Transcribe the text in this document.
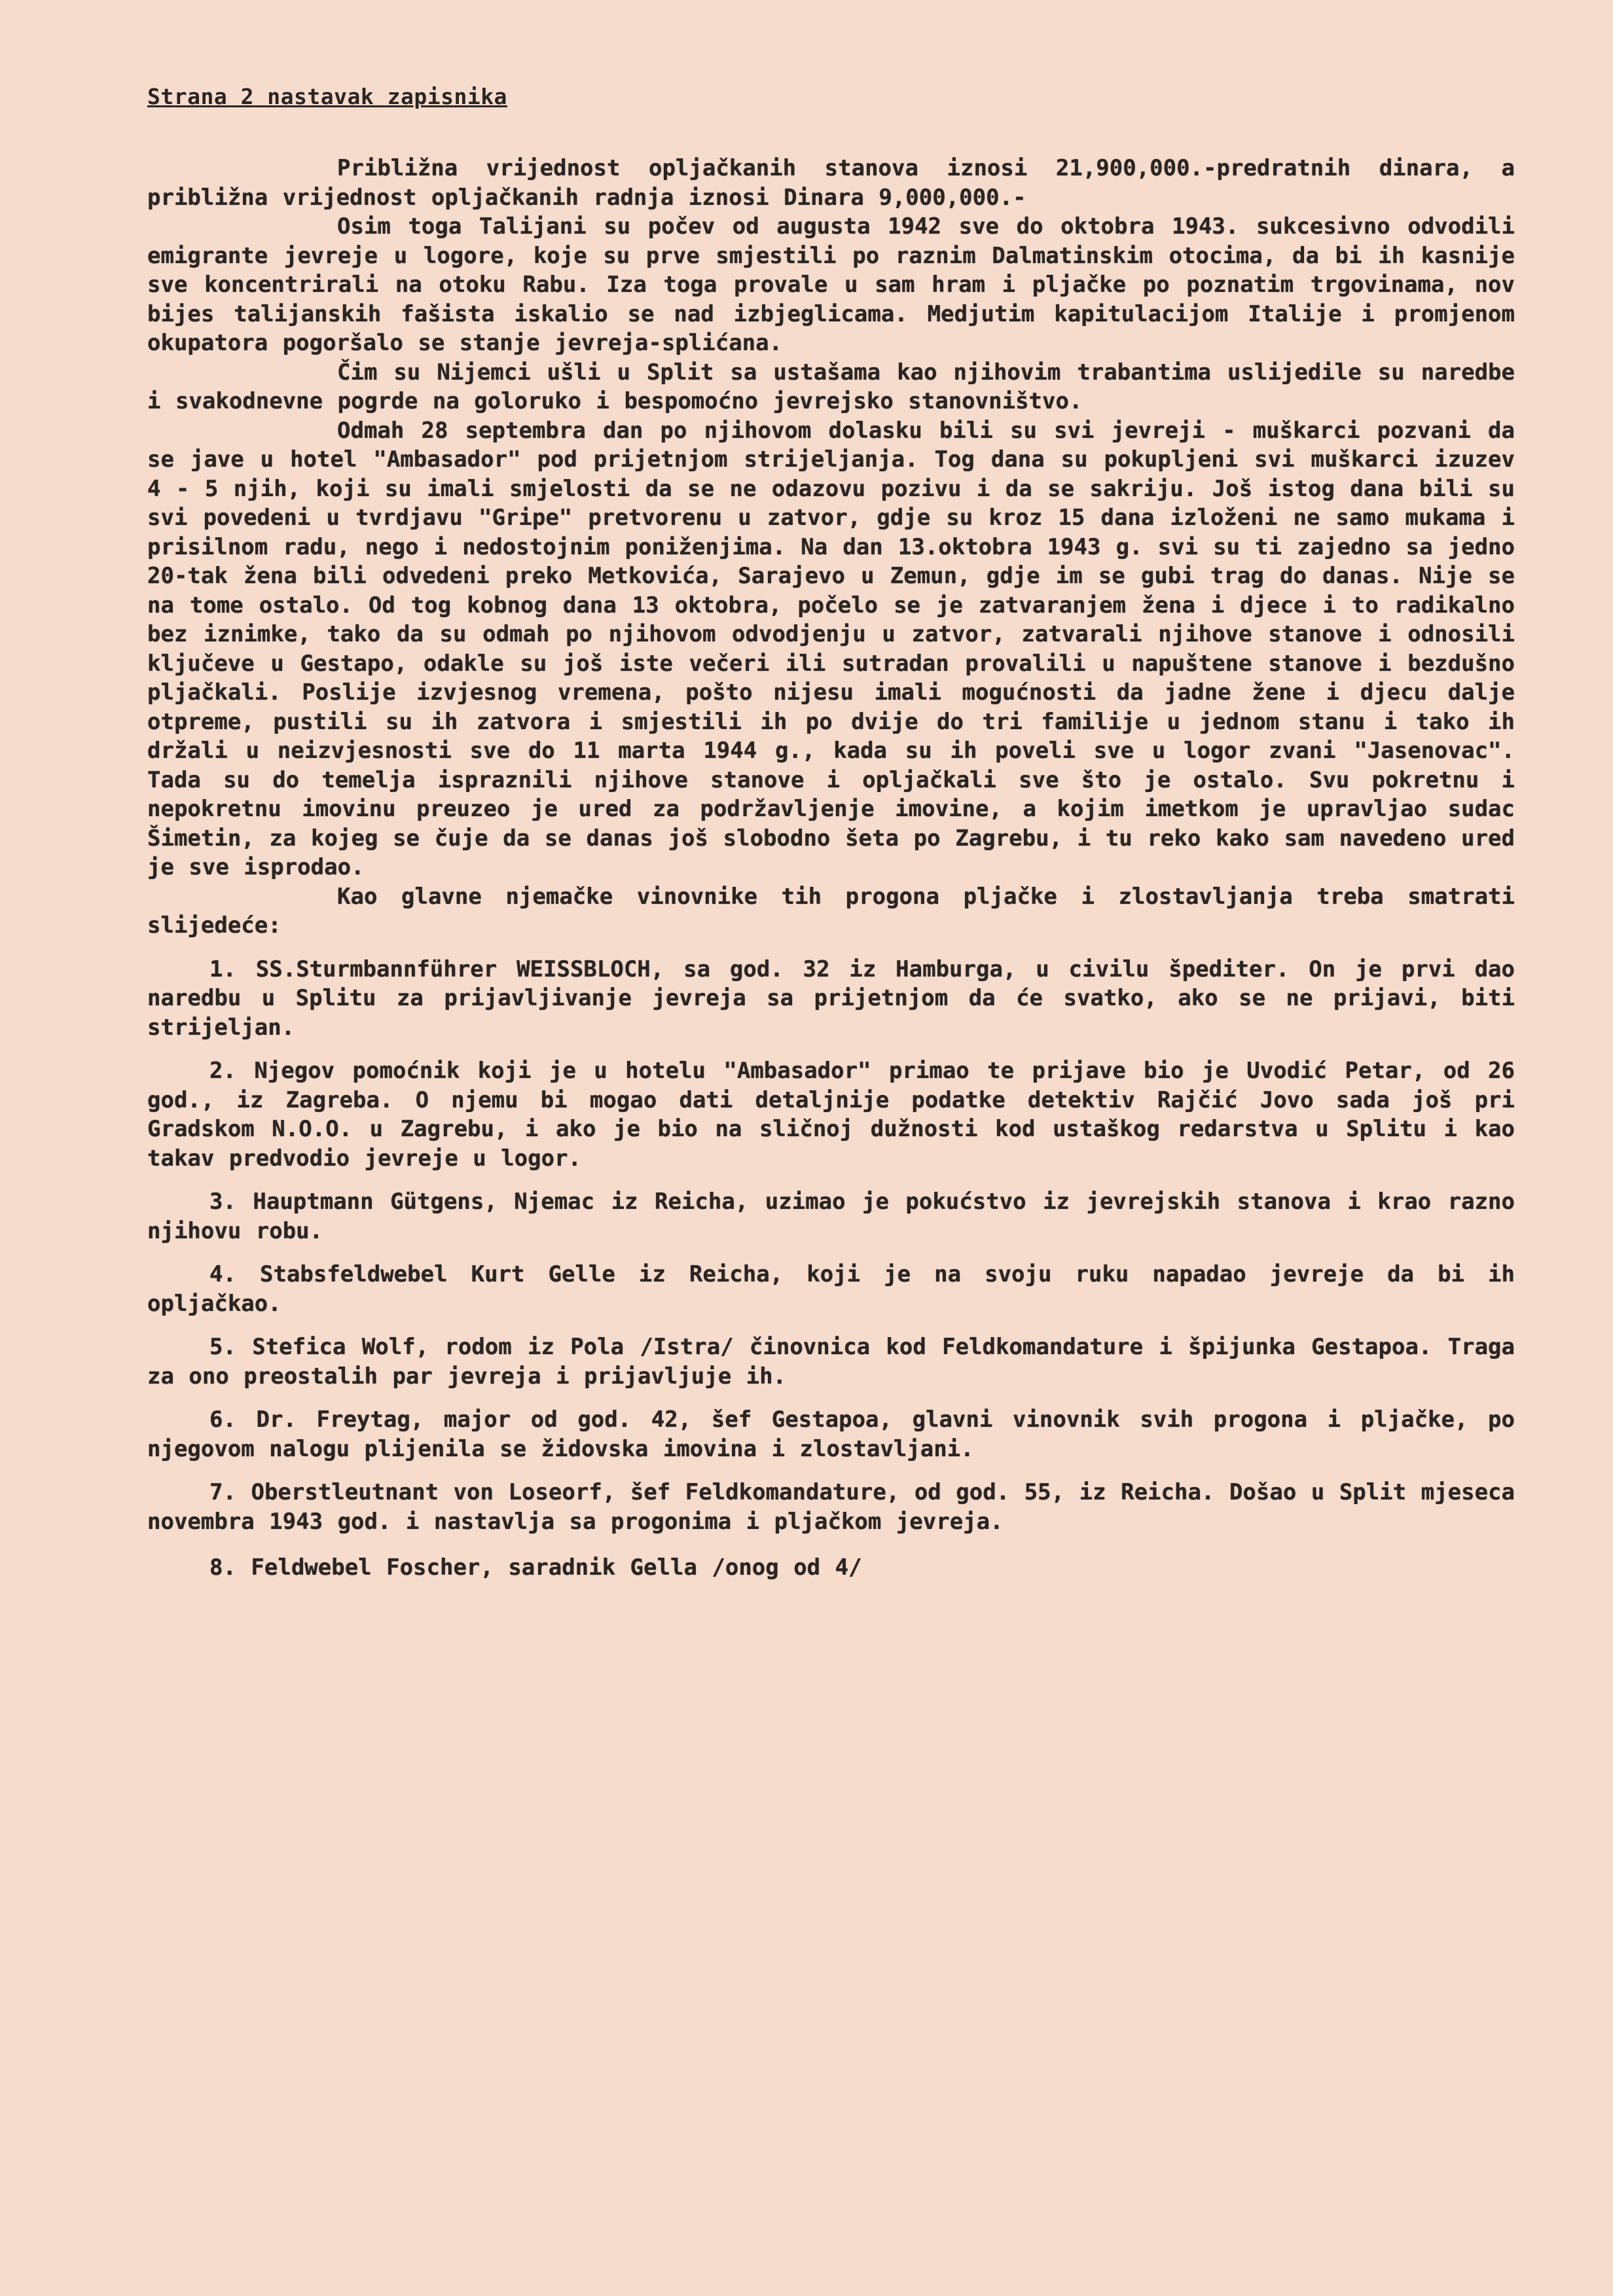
Strana 2 nastavak zapisnika

Približna vrijednost opljačkanih stanova iznosi 21,900,000.-predratnih dinara, a približna vrijednost opljačkanih radnja iznosi Dinara 9,000,000.-

Osim toga Talijani su počev od augusta 1942 sve do oktobra 1943. sukcesivno odvodili emigrante jevreje u logore, koje su prve smjestili po raznim Dalmatinskim otocima, da bi ih kasnije sve koncentrirali na otoku Rabu. Iza toga provale u sam hram i pljačke po poznatim trgovinama, nov bijes talijanskih fašista iskalio se nad izbjeglicama. Medjutim kapitulacijom Italije i promjenom okupatora pogoršalo se stanje jevreja-splićana.

Čim su Nijemci ušli u Split sa ustašama kao njihovim trabantima uslijedile su naredbe i svakodnevne pogrde na goloruko i bespomoćno jevrejsko stanovništvo.

Odmah 28 septembra dan po njihovom dolasku bili su svi jevreji - muškarci pozvani da se jave u hotel "Ambasador" pod prijetnjom strijeljanja. Tog dana su pokupljeni svi muškarci izuzev 4 - 5 njih, koji su imali smjelosti da se ne odazovu pozivu i da se sakriju. Još istog dana bili su svi povedeni u tvrdjavu "Gripe" pretvorenu u zatvor, gdje su kroz 15 dana izloženi ne samo mukama i prisilnom radu, nego i nedostojnim poniženjima. Na dan 13.oktobra 1943 g. svi su ti zajedno sa jedno 20-tak žena bili odvedeni preko Metkovića, Sarajevo u Zemun, gdje im se gubi trag do danas. Nije se na tome ostalo. Od tog kobnog dana 13 oktobra, počelo se je zatvaranjem žena i djece i to radikalno bez iznimke, tako da su odmah po njihovom odvodjenju u zatvor, zatvarali njihove stanove i odnosili ključeve u Gestapo, odakle su još iste večeri ili sutradan provalili u napuštene stanove i bezdušno pljačkali. Poslije izvjesnog vremena, pošto nijesu imali mogućnosti da jadne žene i djecu dalje otpreme, pustili su ih zatvora i smjestili ih po dvije do tri familije u jednom stanu i tako ih držali u neizvjesnosti sve do 11 marta 1944 g., kada su ih poveli sve u logor zvani "Jasenovac". Tada su do temelja ispraznili njihove stanove i opljačkali sve što je ostalo. Svu pokretnu i nepokretnu imovinu preuzeo je ured za podržavljenje imovine, a kojim imetkom je upravljao sudac Šimetin, za kojeg se čuje da se danas još slobodno šeta po Zagrebu, i tu reko kako sam navedeno ured je sve isprodao.

Kao glavne njemačke vinovnike tih progona pljačke i zlostavljanja treba smatrati slijedeće:

1. SS.Sturmbannführer WEISSBLOCH, sa god. 32 iz Hamburga, u civilu špediter. On je prvi dao naredbu u Splitu za prijavljivanje jevreja sa prijetnjom da će svatko, ako se ne prijavi, biti strijeljan.

2. Njegov pomoćnik koji je u hotelu "Ambasador" primao te prijave bio je Uvodić Petar, od 26 god., iz Zagreba. O njemu bi mogao dati detaljnije podatke detektiv Rajčić Jovo sada još pri Gradskom N.O.O. u Zagrebu, i ako je bio na sličnoj dužnosti kod ustaškog redarstva u Splitu i kao takav predvodio jevreje u logor.

3. Hauptmann Gütgens, Njemac iz Reicha, uzimao je pokućstvo iz jevrejskih stanova i krao razno njihovu robu.

4. Stabsfeldwebel Kurt Gelle iz Reicha, koji je na svoju ruku napadao jevreje da bi ih opljačkao.

5. Stefica Wolf, rodom iz Pola /Istra/ činovnica kod Feldkomandature i špijunka Gestapoa. Traga za ono preostalih par jevreja i prijavljuje ih.

6. Dr. Freytag, major od god. 42, šef Gestapoa, glavni vinovnik svih progona i pljačke, po njegovom nalogu plijenila se židovska imovina i zlostavljani.

7. Oberstleutnant von Loseorf, šef Feldkomandature, od god. 55, iz Reicha. Došao u Split mjeseca novembra 1943 god. i nastavlja sa progonima i pljačkom jevreja.

8. Feldwebel Foscher, saradnik Gella /onog od 4/
